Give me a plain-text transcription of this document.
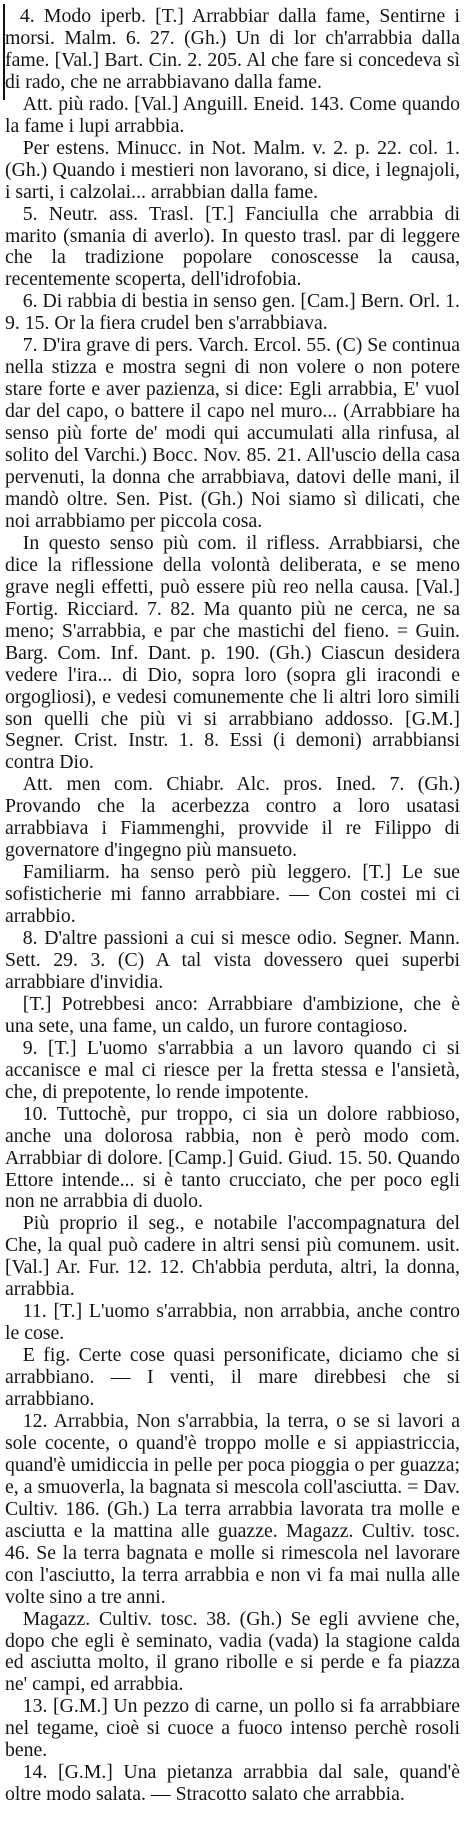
4. Modo iperb. [T.] Arrabbiar dalla fame, Sentirne i morsi. Malm. 6. 27. (Gh.) Un di lor ch'arrabbia dalla fame. [Val.] Bart. Cin. 2. 205. Al che fare si concedeva sì di rado, che ne arrabbiavano dalla fame.

Att. più rado. [Val.] Anguill. Eneid. 143. Come quando la fame i lupi arrabbia.

Per estens. Minucc. in Not. Malm. v. 2. p. 22. col. 1. (Gh.) Quando i mestieri non lavorano, si dice, i legnajoli, i sarti, i calzolai... arrabbian dalla fame.

5. Neutr. ass. Trasl. [T.] Fanciulla che arrabbia di marito (smania di averlo). In questo trasl. par di leggere che la tradizione popolare conoscesse la causa, recentemente scoperta, dell'idrofobia.

6. Di rabbia di bestia in senso gen. [Cam.] Bern. Orl. 1. 9. 15. Or la fiera crudel ben s'arrabbiava.

7. D'ira grave di pers. Varch. Ercol. 55. (C) Se continua nella stizza e mostra segni di non volere o non potere stare forte e aver pazienza, si dice: Egli arrabbia, E' vuol dar del capo, o battere il capo nel muro... (Arrabbiare ha senso più forte de' modi qui accumulati alla rinfusa, al solito del Varchi.) Bocc. Nov. 85. 21. All'uscio della casa pervenuti, la donna che arrabbiava, datovi delle mani, il mandò oltre. Sen. Pist. (Gh.) Noi siamo sì dilicati, che noi arrabbiamo per piccola cosa.

In questo senso più com. il rifless. Arrabbiarsi, che dice la riflessione della volontà deliberata, e se meno grave negli effetti, può essere più reo nella causa. [Val.] Fortig. Ricciard. 7. 82. Ma quanto più ne cerca, ne sa meno; S'arrabbia, e par che mastichi del fieno. = Guin. Barg. Com. Inf. Dant. p. 190. (Gh.) Ciascun desidera vedere l'ira... di Dio, sopra loro (sopra gli iracondi e orgogliosi), e vedesi comunemente che li altri loro simili son quelli che più vi si arrabbiano addosso. [G.M.] Segner. Crist. Instr. 1. 8. Essi (i demoni) arrabbiansi contra Dio.

Att. men com. Chiabr. Alc. pros. Ined. 7. (Gh.) Provando che la acerbezza contro a loro usatasi arrabbiava i Fiammenghi, provvide il re Filippo di governatore d'ingegno più mansueto.

Familiarm. ha senso però più leggero. [T.] Le sue sofisticherie mi fanno arrabbiare. — Con costei mi ci arrabbio.

8. D'altre passioni a cui si mesce odio. Segner. Mann. Sett. 29. 3. (C) A tal vista dovessero quei superbi arrabbiare d'invidia.

[T.] Potrebbesi anco: Arrabbiare d'ambizione, che è una sete, una fame, un caldo, un furore contagioso.

9. [T.] L'uomo s'arrabbia a un lavoro quando ci si accanisce e mal ci riesce per la fretta stessa e l'ansietà, che, di prepotente, lo rende impotente.

10. Tuttochè, pur troppo, ci sia un dolore rabbioso, anche una dolorosa rabbia, non è però modo com. Arrabbiar di dolore. [Camp.] Guid. Giud. 15. 50. Quando Ettore intende... si è tanto crucciato, che per poco egli non ne arrabbia di duolo.

Più proprio il seg., e notabile l'accompagnatura del Che, la qual può cadere in altri sensi più comunem. usit. [Val.] Ar. Fur. 12. 12. Ch'abbia perduta, altri, la donna, arrabbia.

11. [T.] L'uomo s'arrabbia, non arrabbia, anche contro le cose.

E fig. Certe cose quasi personificate, diciamo che si arrabbiano. — I venti, il mare direbbesi che si arrabbiano.

12. Arrabbia, Non s'arrabbia, la terra, o se si lavori a sole cocente, o quand'è troppo molle e si appiastriccia, quand'è umidiccia in pelle per poca pioggia o per guazza; e, a smuoverla, la bagnata si mescola coll'asciutta. = Dav. Cultiv. 186. (Gh.) La terra arrabbia lavorata tra molle e asciutta e la mattina alle guazze. Magazz. Cultiv. tosc. 46. Se la terra bagnata e molle si rimescola nel lavorare con l'asciutto, la terra arrabbia e non vi fa mai nulla alle volte sino a tre anni.

Magazz. Cultiv. tosc. 38. (Gh.) Se egli avviene che, dopo che egli è seminato, vadia (vada) la stagione calda ed asciutta molto, il grano ribolle e si perde e fa piazza ne' campi, ed arrabbia.

13. [G.M.] Un pezzo di carne, un pollo si fa arrabbiare nel tegame, cioè si cuoce a fuoco intenso perchè rosoli bene.

14. [G.M.] Una pietanza arrabbia dal sale, quand'è oltre modo salata. — Stracotto salato che arrabbia.
